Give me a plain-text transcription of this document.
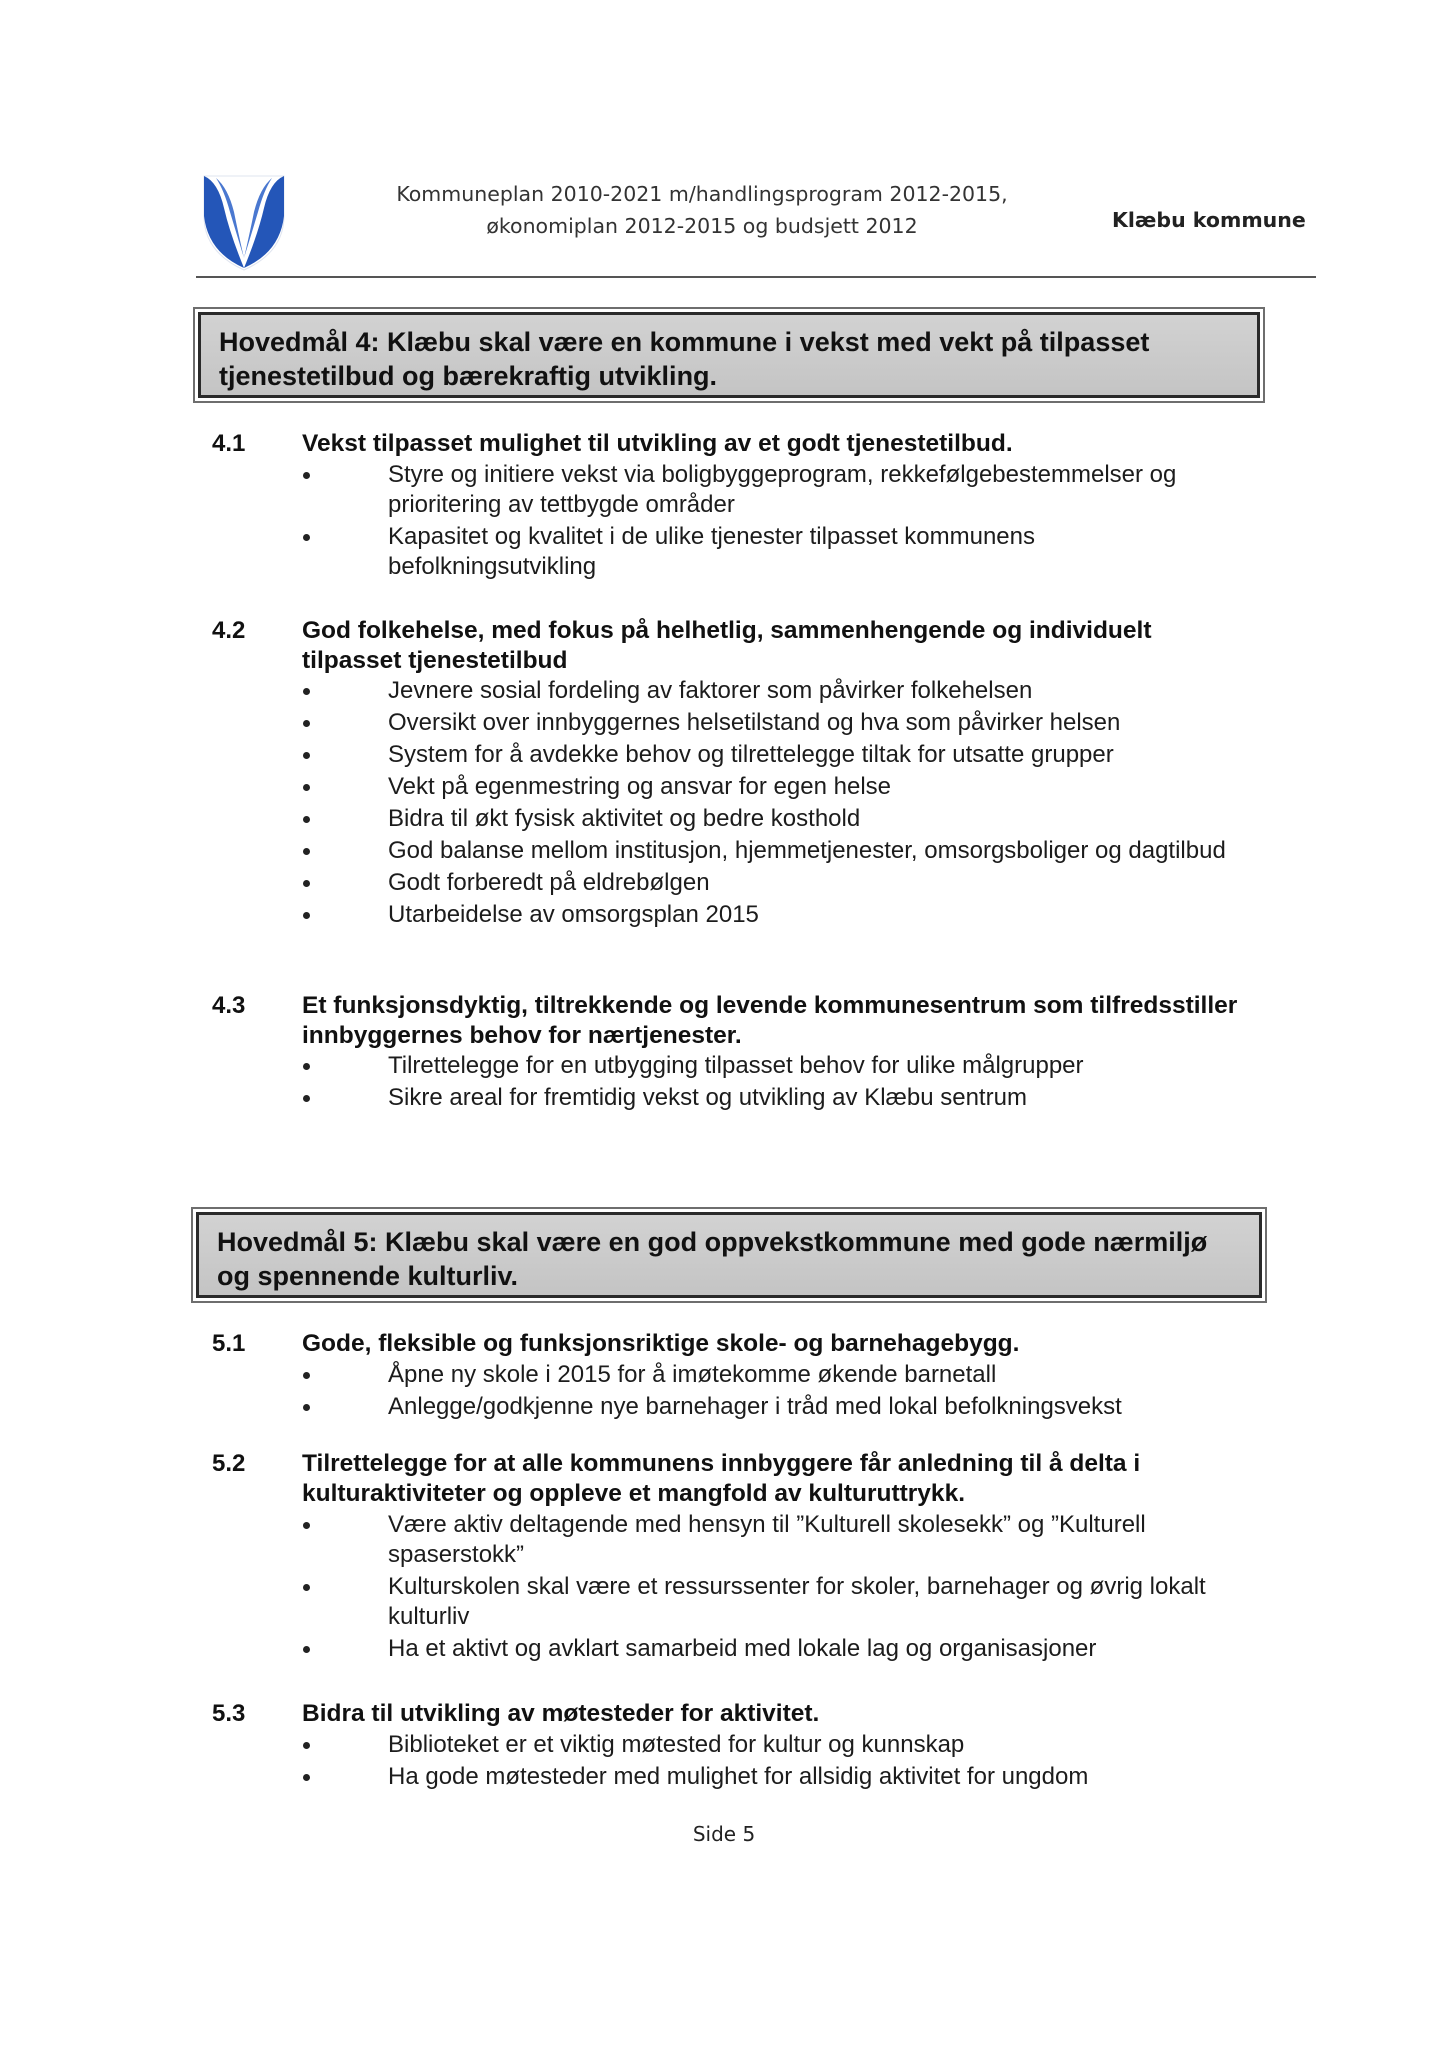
Kommuneplan 2010-2021 m/handlingsprogram 2012-2015,
økonomiplan 2012-2015 og budsjett 2012	Klæbu kommune
Hovedmål 4: Klæbu skal være en kommune i vekst med vekt på tilpasset tjenestetilbud og bærekraftig utvikling.
4.1 Vekst tilpasset mulighet til utvikling av et godt tjenestetilbud.
Styre og initiere vekst via boligbyggeprogram, rekkefølgebestemmelser og prioritering av tettbygde områder
Kapasitet og kvalitet i de ulike tjenester tilpasset kommunens befolkningsutvikling
4.2 God folkehelse, med fokus på helhetlig, sammenhengende og individuelt tilpasset tjenestetilbud
Jevnere sosial fordeling av faktorer som påvirker folkehelsen
Oversikt over innbyggernes helsetilstand og hva som påvirker helsen
System for å avdekke behov og tilrettelegge tiltak for utsatte grupper
Vekt på egenmestring og ansvar for egen helse
Bidra til økt fysisk aktivitet og bedre kosthold
God balanse mellom institusjon, hjemmetjenester, omsorgsboliger og dagtilbud
Godt forberedt på eldrebølgen
Utarbeidelse av omsorgsplan 2015
4.3 Et funksjonsdyktig, tiltrekkende og levende kommunesentrum som tilfredsstiller innbyggernes behov for nærtjenester.
Tilrettelegge for en utbygging tilpasset behov for ulike målgrupper
Sikre areal for fremtidig vekst og utvikling av Klæbu sentrum
Hovedmål 5: Klæbu skal være en god oppvekstkommune med gode nærmiljø og spennende kulturliv.
5.1 Gode, fleksible og funksjonsriktige skole- og barnehagebygg.
Åpne ny skole i 2015 for å imøtekomme økende barnetall
Anlegge/godkjenne nye barnehager i tråd med lokal befolkningsvekst
5.2 Tilrettelegge for at alle kommunens innbyggere får anledning til å delta i kulturaktiviteter og oppleve et mangfold av kulturuttrykk.
Være aktiv deltagende med hensyn til ”Kulturell skolesekk” og ”Kulturell spaserstokk”
Kulturskolen skal være et ressurssenter for skoler, barnehager og øvrig lokalt kulturliv
Ha et aktivt og avklart samarbeid med lokale lag og organisasjoner
5.3 Bidra til utvikling av møtesteder for aktivitet.
Biblioteket er et viktig møtested for kultur og kunnskap
Ha gode møtesteder med mulighet for allsidig aktivitet for ungdom
Side 5
